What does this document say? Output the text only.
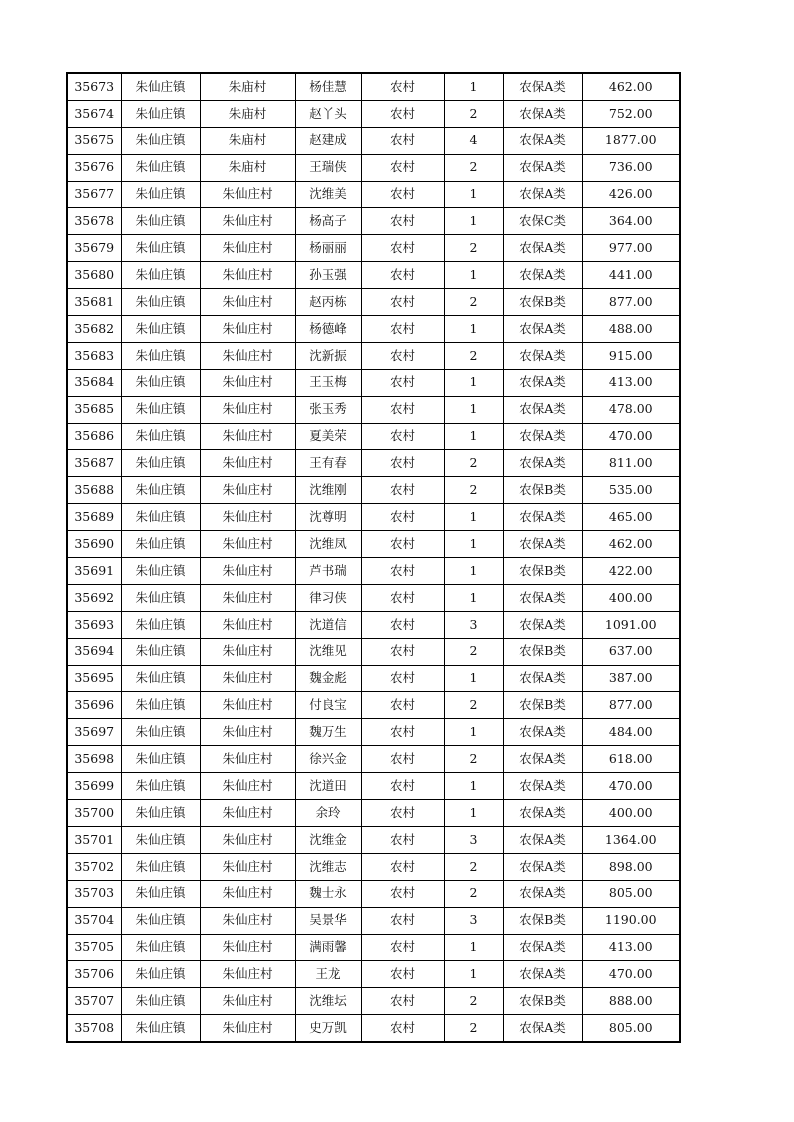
35673	朱仙庄镇	朱庙村	杨佳慧	农村	1	农保A类	462.00
35674	朱仙庄镇	朱庙村	赵丫头	农村	2	农保A类	752.00
35675	朱仙庄镇	朱庙村	赵建成	农村	4	农保A类	1877.00
35676	朱仙庄镇	朱庙村	王瑞侠	农村	2	农保A类	736.00
35677	朱仙庄镇	朱仙庄村	沈维美	农村	1	农保A类	426.00
35678	朱仙庄镇	朱仙庄村	杨高子	农村	1	农保C类	364.00
35679	朱仙庄镇	朱仙庄村	杨丽丽	农村	2	农保A类	977.00
35680	朱仙庄镇	朱仙庄村	孙玉强	农村	1	农保A类	441.00
35681	朱仙庄镇	朱仙庄村	赵丙栋	农村	2	农保B类	877.00
35682	朱仙庄镇	朱仙庄村	杨德峰	农村	1	农保A类	488.00
35683	朱仙庄镇	朱仙庄村	沈新振	农村	2	农保A类	915.00
35684	朱仙庄镇	朱仙庄村	王玉梅	农村	1	农保A类	413.00
35685	朱仙庄镇	朱仙庄村	张玉秀	农村	1	农保A类	478.00
35686	朱仙庄镇	朱仙庄村	夏美荣	农村	1	农保A类	470.00
35687	朱仙庄镇	朱仙庄村	王有春	农村	2	农保A类	811.00
35688	朱仙庄镇	朱仙庄村	沈维刚	农村	2	农保B类	535.00
35689	朱仙庄镇	朱仙庄村	沈尊明	农村	1	农保A类	465.00
35690	朱仙庄镇	朱仙庄村	沈维凤	农村	1	农保A类	462.00
35691	朱仙庄镇	朱仙庄村	芦书瑞	农村	1	农保B类	422.00
35692	朱仙庄镇	朱仙庄村	律习侠	农村	1	农保A类	400.00
35693	朱仙庄镇	朱仙庄村	沈道信	农村	3	农保A类	1091.00
35694	朱仙庄镇	朱仙庄村	沈维见	农村	2	农保B类	637.00
35695	朱仙庄镇	朱仙庄村	魏金彪	农村	1	农保A类	387.00
35696	朱仙庄镇	朱仙庄村	付良宝	农村	2	农保B类	877.00
35697	朱仙庄镇	朱仙庄村	魏万生	农村	1	农保A类	484.00
35698	朱仙庄镇	朱仙庄村	徐兴金	农村	2	农保A类	618.00
35699	朱仙庄镇	朱仙庄村	沈道田	农村	1	农保A类	470.00
35700	朱仙庄镇	朱仙庄村	余玲	农村	1	农保A类	400.00
35701	朱仙庄镇	朱仙庄村	沈维金	农村	3	农保A类	1364.00
35702	朱仙庄镇	朱仙庄村	沈维志	农村	2	农保A类	898.00
35703	朱仙庄镇	朱仙庄村	魏士永	农村	2	农保A类	805.00
35704	朱仙庄镇	朱仙庄村	吴景华	农村	3	农保B类	1190.00
35705	朱仙庄镇	朱仙庄村	满雨馨	农村	1	农保A类	413.00
35706	朱仙庄镇	朱仙庄村	王龙	农村	1	农保A类	470.00
35707	朱仙庄镇	朱仙庄村	沈维坛	农村	2	农保B类	888.00
35708	朱仙庄镇	朱仙庄村	史万凯	农村	2	农保A类	805.00
